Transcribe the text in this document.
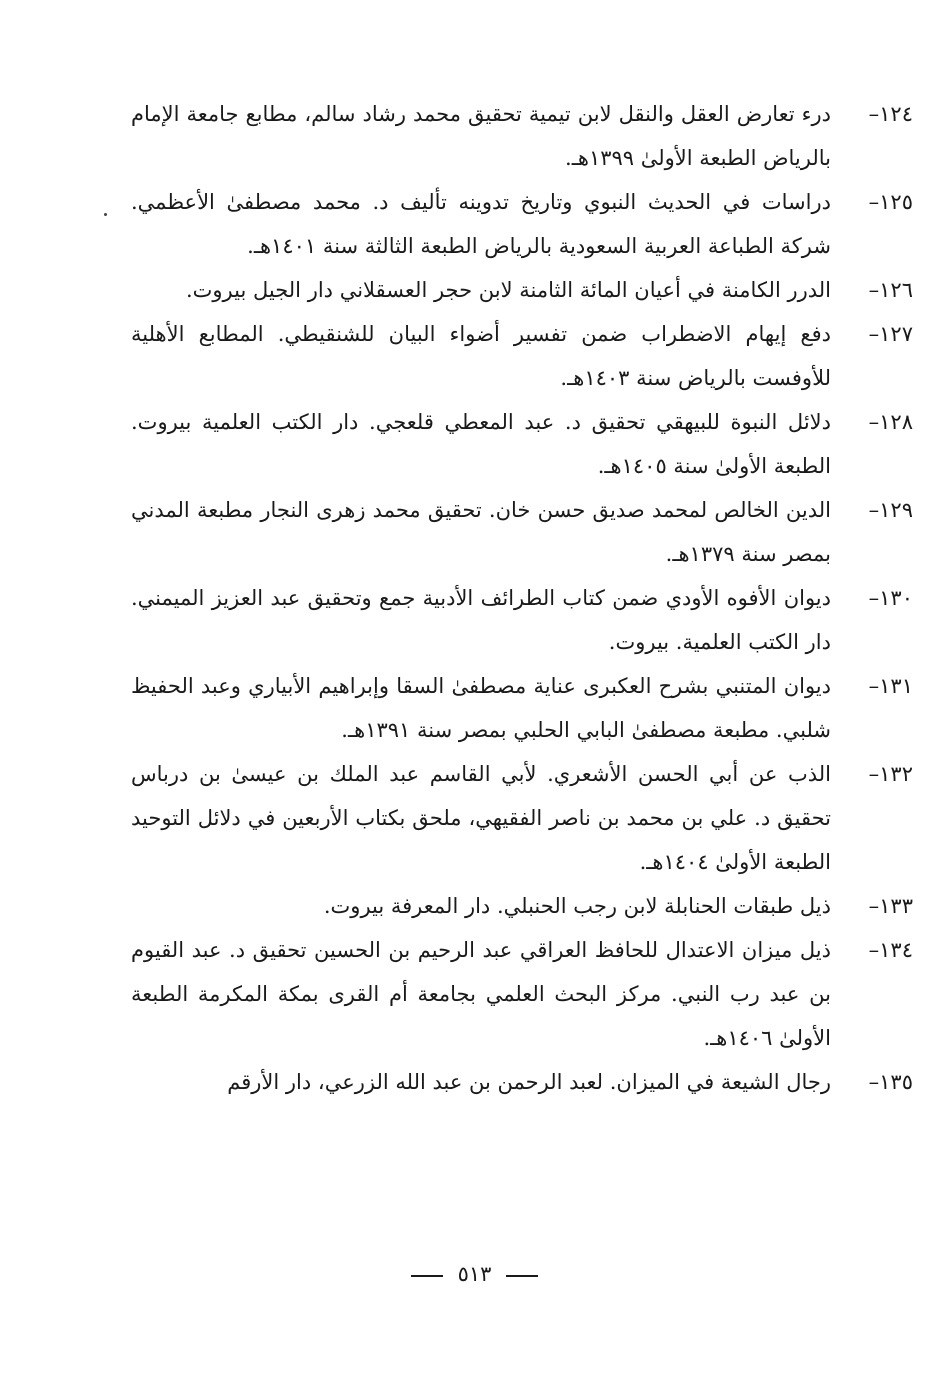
١٢٤–
درء تعارض العقل والنقل لابن تيمية تحقيق محمد رشاد سالم، مطابع جامعة الإمام بالرياض الطبعة الأولىٰ ١٣٩٩هـ.
١٢٥–
دراسات في الحديث النبوي وتاريخ تدوينه تأليف د. محمد مصطفىٰ الأعظمي. شركة الطباعة العربية السعودية بالرياض الطبعة الثالثة سنة ١٤٠١هـ.
١٢٦–
الدرر الكامنة في أعيان المائة الثامنة لابن حجر العسقلاني دار الجيل بيروت.
١٢٧–
دفع إيهام الاضطراب ضمن تفسير أضواء البيان للشنقيطي. المطابع الأهلية للأوفست بالرياض سنة ١٤٠٣هـ.
١٢٨–
دلائل النبوة للبيهقي تحقيق د. عبد المعطي قلعجي. دار الكتب العلمية بيروت. الطبعة الأولىٰ سنة ١٤٠٥هـ.
١٢٩–
الدين الخالص لمحمد صديق حسن خان. تحقيق محمد زهرى النجار مطبعة المدني بمصر سنة ١٣٧٩هـ.
١٣٠–
ديوان الأفوه الأودي ضمن كتاب الطرائف الأدبية جمع وتحقيق عبد العزيز الميمني. دار الكتب العلمية. بيروت.
١٣١–
ديوان المتنبي بشرح العكبرى عناية مصطفىٰ السقا وإبراهيم الأبياري وعبد الحفيظ شلبي. مطبعة مصطفىٰ البابي الحلبي بمصر سنة ١٣٩١هـ.
١٣٢–
الذب عن أبي الحسن الأشعري. لأبي القاسم عبد الملك بن عيسىٰ بن درباس تحقيق د. علي بن محمد بن ناصر الفقيهي، ملحق بكتاب الأربعين في دلائل التوحيد الطبعة الأولىٰ ١٤٠٤هـ.
١٣٣–
ذيل طبقات الحنابلة لابن رجب الحنبلي. دار المعرفة بيروت.
١٣٤–
ذيل ميزان الاعتدال للحافظ العراقي عبد الرحيم بن الحسين تحقيق د. عبد القيوم بن عبد رب النبي. مركز البحث العلمي بجامعة أم القرى بمكة المكرمة الطبعة الأولىٰ ١٤٠٦هـ.
١٣٥–
رجال الشيعة في الميزان. لعبد الرحمن بن عبد الله الزرعي، دار الأرقم
٥١٣
